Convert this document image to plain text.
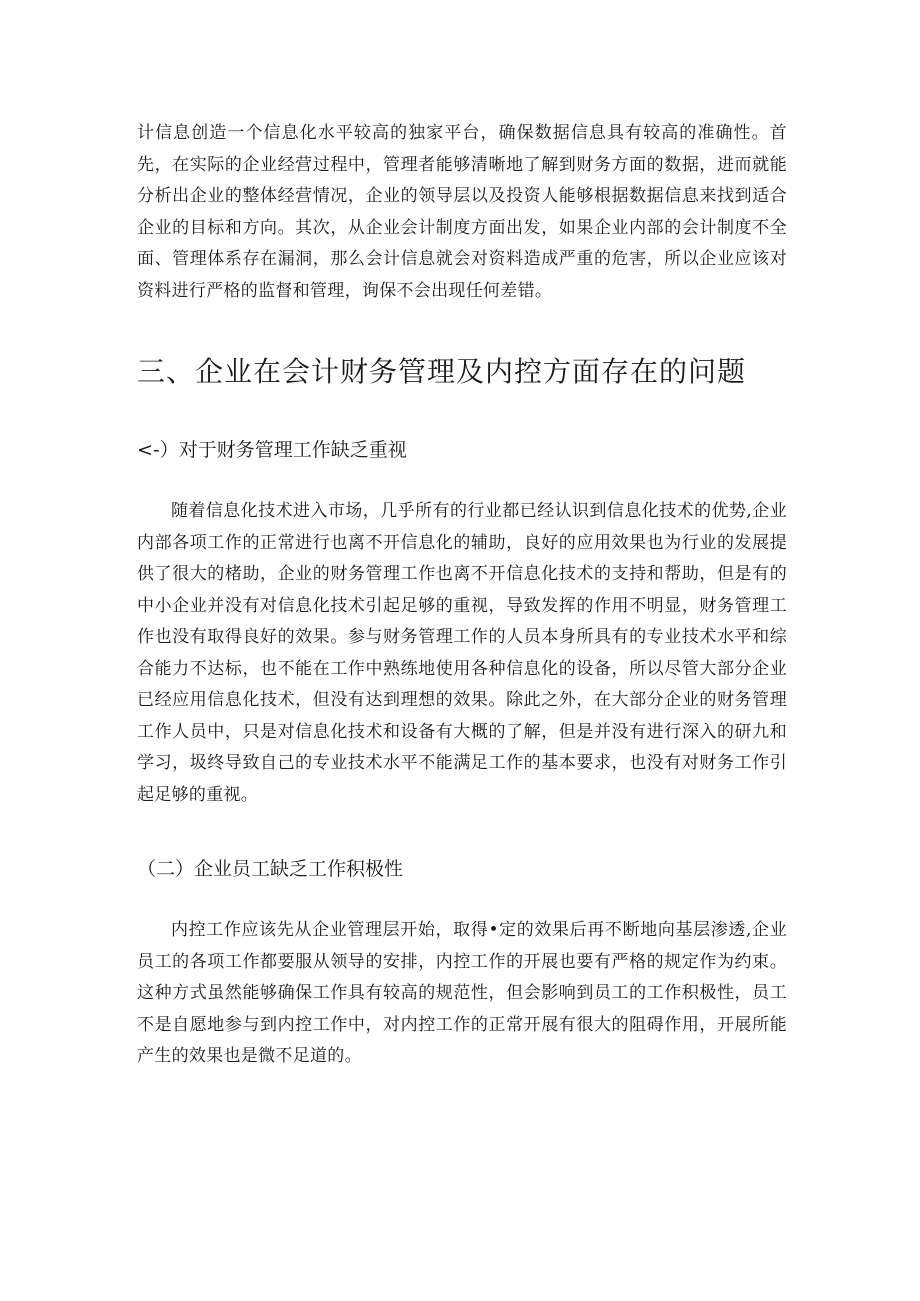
计信息创造一个信息化水平较高的独家平台，确保数据信息具有较高的准确性。首先，在实际的企业经营过程中，管理者能够清晰地了解到财务方面的数据，进而就能分析出企业的整体经营情况，企业的领导层以及投资人能够根据数据信息来找到适合企业的目标和方向。其次，从企业会计制度方面出发，如果企业内部的会计制度不全面、管理体系存在漏洞，那么会计信息就会对资料造成严重的危害，所以企业应该对资料进行严格的监督和管理，询保不会出现任何差错。

三、企业在会计财务管理及内控方面存在的问题
<-）对于财务管理工作缺乏重视

随着信息化技术进入市场，几乎所有的行业都已经认识到信息化技术的优势,企业内部各项工作的正常进行也离不开信息化的辅助，良好的应用效果也为行业的发展提供了很大的楮助，企业的财务管理工作也离不开信息化技术的支持和帮助，但是有的中小企业并没有对信息化技术引起足够的重视，导致发挥的作用不明显，财务管理工作也没有取得良好的效果。参与财务管理工作的人员本身所具有的专业技术水平和综合能力不达标，也不能在工作中熟练地使用各种信息化的设备，所以尽管大部分企业已经应用信息化技术，但没有达到理想的效果。除此之外，在大部分企业的财务管理工作人员中，只是对信息化技术和设备有大概的了解，但是并没有进行深入的研九和学习，圾终导致自己的专业技术水平不能满足工作的基本要求，也没有对财务工作引起足够的重视。

（二）企业员工缺乏工作积极性

内控工作应该先从企业管理层开始，取得•定的效果后再不断地向基层渗透,企业员工的各项工作都要服从领导的安排，内控工作的开展也要有严格的规定作为约束。这种方式虽然能够确保工作具有较高的规范性，但会影响到员工的工作积极性，员工不是自愿地参与到内控工作中，对内控工作的正常开展有很大的阻碍作用，开展所能产生的效果也是微不足道的。
